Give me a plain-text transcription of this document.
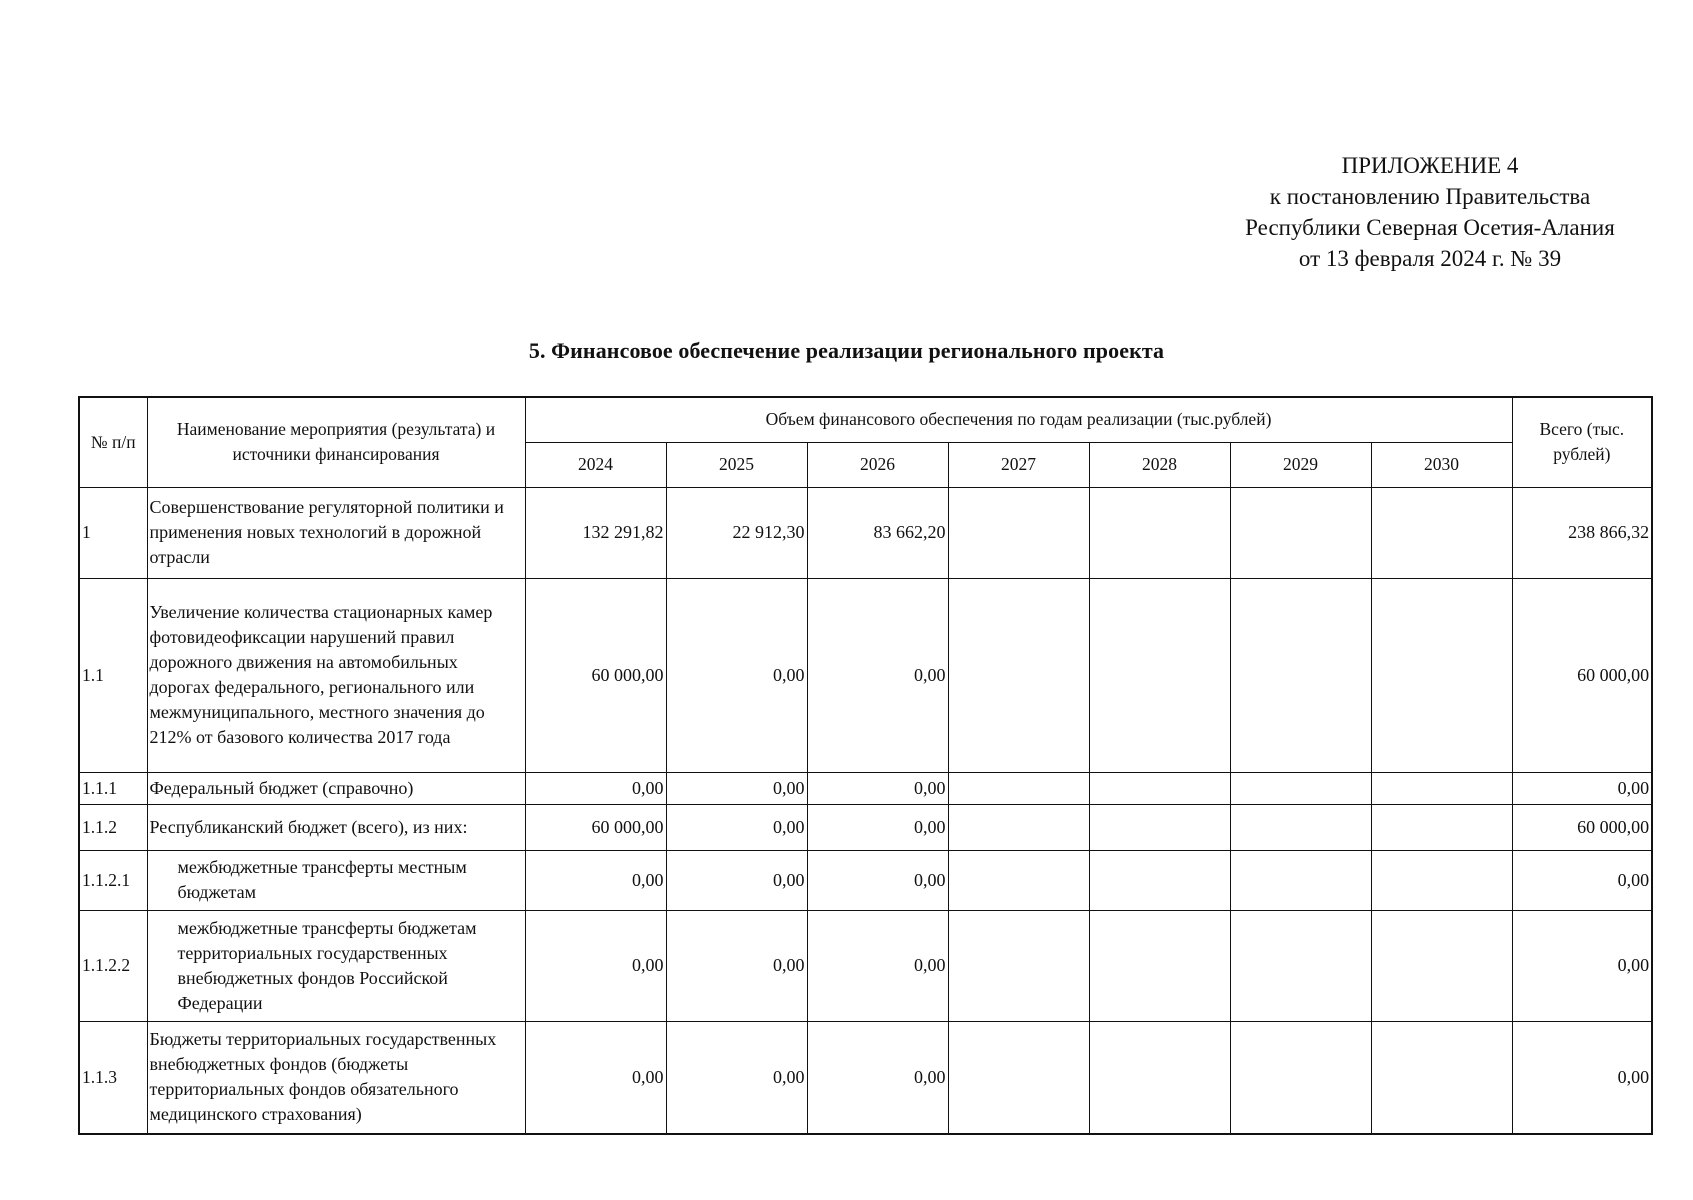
ПРИЛОЖЕНИЕ 4
к постановлению Правительства
Республики Северная Осетия-Алания
от 13 февраля 2024 г. № 39
5. Финансовое обеспечение реализации регионального проекта
№ п/п	Наименование мероприятия (результата) и источники финансирования	Объем финансового обеспечения по годам реализации (тыс.рублей)							Всего (тыс. рублей)
		2024	2025	2026	2027	2028	2029	2030	
1	Совершенствование регуляторной политики и применения новых технологий в дорожной отрасли	132 291,82	22 912,30	83 662,20					238 866,32
1.1	Увеличение количества стационарных камер фотовидеофиксации нарушений правил дорожного движения на автомобильных дорогах федерального, регионального или межмуниципального, местного значения до 212% от базового количества 2017 года	60 000,00	0,00	0,00					60 000,00
1.1.1	Федеральный бюджет (справочно)	0,00	0,00	0,00					0,00
1.1.2	Республиканский бюджет (всего), из них:	60 000,00	0,00	0,00					60 000,00
1.1.2.1	межбюджетные трансферты местным бюджетам	0,00	0,00	0,00					0,00
1.1.2.2	межбюджетные трансферты бюджетам территориальных государственных внебюджетных фондов Российской Федерации	0,00	0,00	0,00					0,00
1.1.3	Бюджеты территориальных государственных внебюджетных фондов (бюджеты территориальных фондов обязательного медицинского страхования)	0,00	0,00	0,00					0,00
